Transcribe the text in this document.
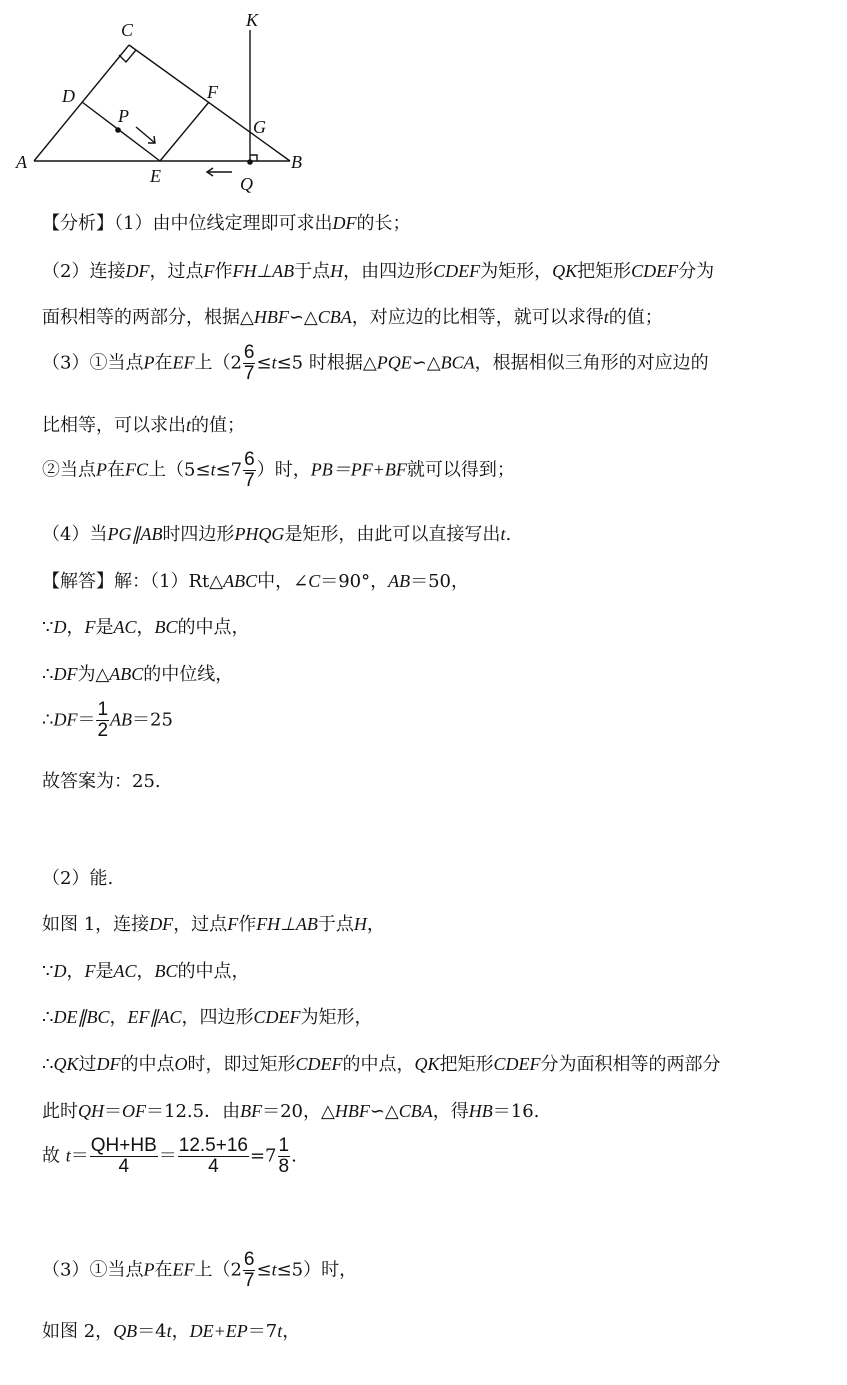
C	K
D	F
P
G
A	B
E	Q
【分析】（1）由中位线定理即可求出DF的长；
（2）连接DF，过点F作FH⊥AB于点H，由四边形CDEF为矩形，QK把矩形CDEF分为
面积相等的两部分，根据△HBF∽△CBA，对应边的比相等，就可以求得t的值；
（3）①当点P在EF上（$2 \frac{6}{7} \le t\le 5$ 时根据△PQE∽△BCA，根据相似三角形的对应边的
比相等，可以求出t的值；
②当点P在FC上（$5\le t\le 7 \frac{6}{7}$ ）时，PB＝PF+BF就可以得到；
（4）当PG∥AB时四边形PHQG是矩形，由此可以直接写出t.
【解答】解：（1）Rt△ABC中，∠C＝90°，AB＝50，
∵D，F是AC，BC的中点，
∴DF为△ABC的中位线，
∴DF＝ $\frac{1}{2} AB=25$
故答案为：25.
（2）能.
如图 1，连接DF，过点F作FH⊥AB于点H，
∵D，F是AC，BC的中点，
∴DE∥BC，EF∥AC，四边形CDEF为矩形，
∴QK过DF的中点O时，即过矩形CDEF的中点，QK把矩形CDEF分为面积相等的两部分
此时QH＝OF＝12.5．由BF＝20，△HBF∽△CBA，得HB＝16.
故 $t= \frac{QH+HB}{4} = \frac{12.5+16}{4} =7 \frac{1}{8}$ .
（3）①当点P在EF上$(2 \frac{6}{7} \le t\le 5)$时，
如图 2，QB＝4t，DE+EP＝7t，
